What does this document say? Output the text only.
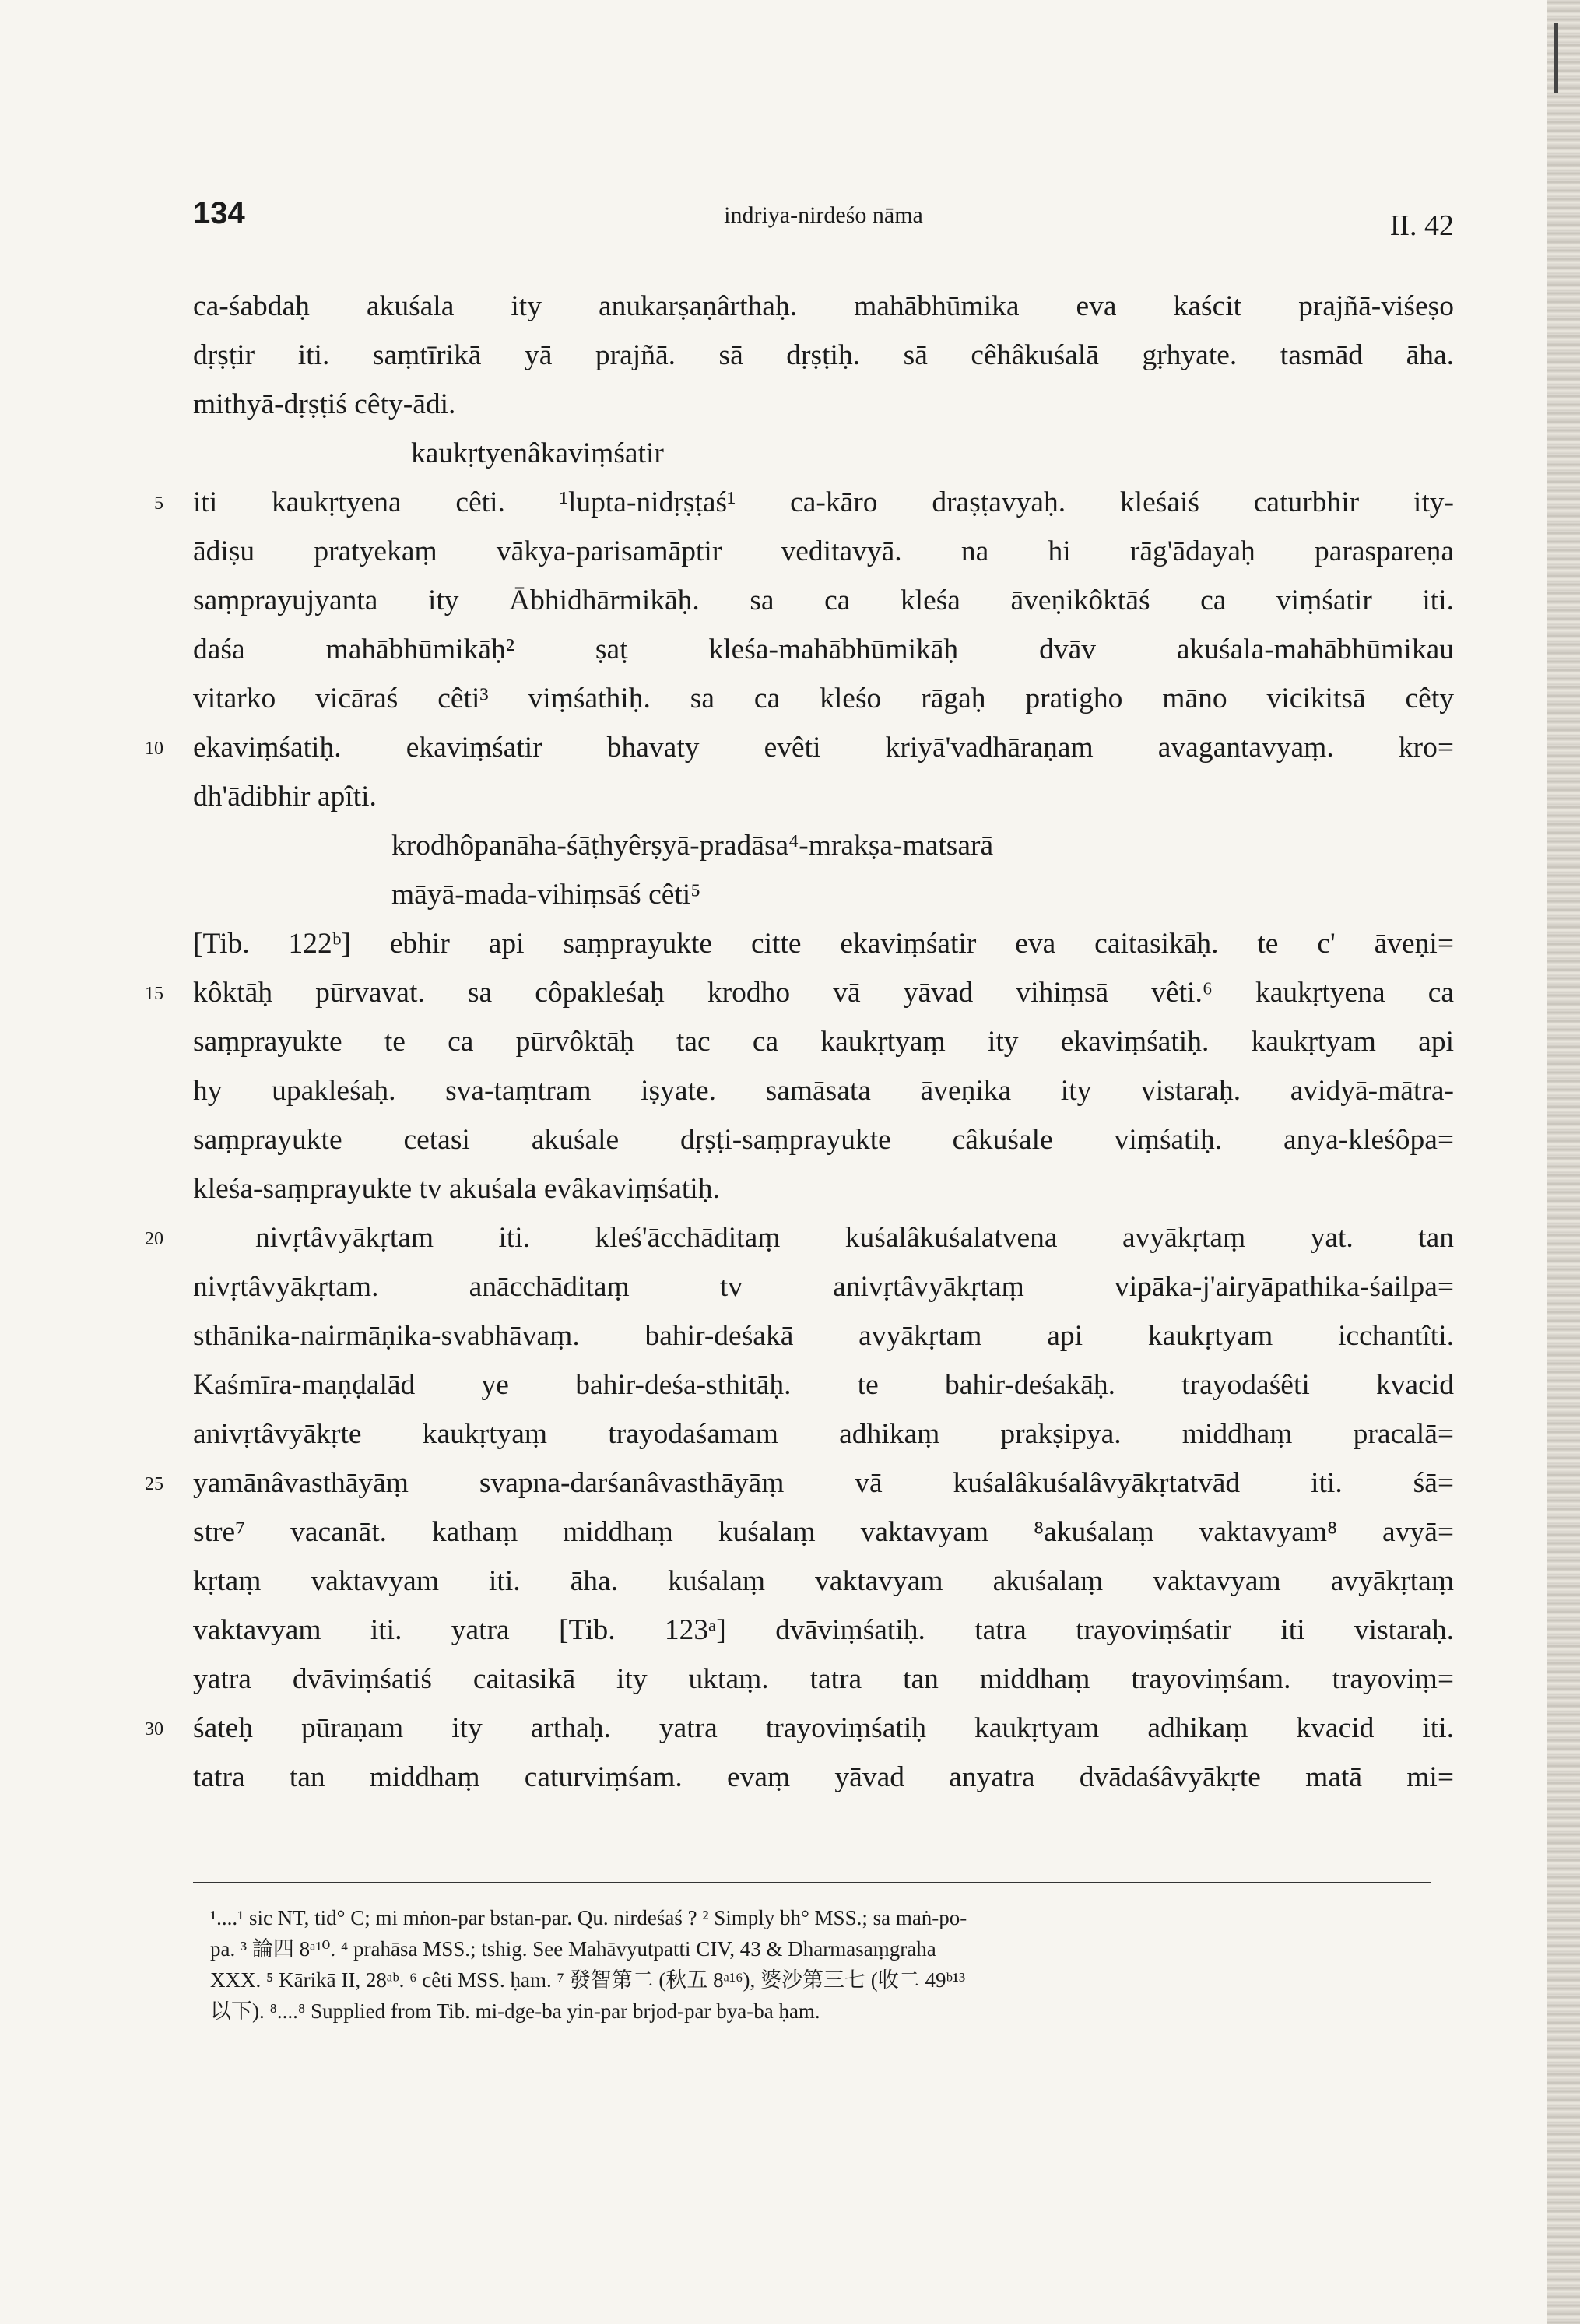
134	indriya-nirdeśo nāma	II. 42
ca-śabdaḥ akuśala ity anukarṣaṇârthaḥ. mahābhūmika eva kaścit prajñā-viśeṣo
dṛṣṭir iti. saṃtīrikā yā prajñā. sā dṛṣṭiḥ. sā cêhâkuśalā gṛhyate. tasmād āha.
mithyā-dṛṣṭiś cêty-ādi.
kaukṛtyenâkaviṃśatir
5 iti kaukṛtyena cêti. ¹lupta-nidṛṣṭaś¹ ca-kāro draṣṭavyaḥ. kleśaiś caturbhir ity-
ādiṣu pratyekaṃ vākya-parisamāptir veditavyā. na hi rāg'ādayaḥ paraspareṇa
saṃprayujyanta ity Ābhidhārmikāḥ. sa ca kleśa āveṇikôktāś ca viṃśatir iti.
daśa mahābhūmikāḥ² ṣaṭ kleśa-mahābhūmikāḥ dvāv akuśala-mahābhūmikau
vitarko vicāraś cêti³ viṃśathiḥ. sa ca kleśo rāgaḥ pratigho māno vicikitsā cêty
10 ekaviṃśatiḥ. ekaviṃśatir bhavaty evêti kriyā'vadhāraṇam avagantavyaṃ. kro=
dh'ādibhir apîti.
krodhôpanāha-śāṭhyêrṣyā-pradāsa⁴-mrakṣa-matsarā
māyā-mada-vihiṃsāś cêti⁵
[Tib. 122ᵇ] ebhir api saṃprayukte citte ekaviṃśatir eva caitasikāḥ. te c' āveṇi=
15 kôktāḥ pūrvavat. sa côpakleśaḥ krodho vā yāvad vihiṃsā vêti.⁶ kaukṛtyena ca
saṃprayukte te ca pūrvôktāḥ tac ca kaukṛtyaṃ ity ekaviṃśatiḥ. kaukṛtyam api
hy upakleśaḥ. sva-taṃtram iṣyate. samāsata āveṇika ity vistaraḥ. avidyā-mātra-
saṃprayukte cetasi akuśale dṛṣṭi-saṃprayukte câkuśale viṃśatiḥ. anya-kleśôpa=
kleśa-saṃprayukte tv akuśala evâkaviṃśatiḥ.
20	nivṛtâvyākṛtam iti. kleś'ācchāditaṃ kuśalâkuśalatvena avyākṛtaṃ yat. tan
nivṛtâvyākṛtam. anācchāditaṃ tv anivṛtâvyākṛtaṃ vipāka-j'airyāpathika-śailpa=
sthānika-nairmāṇika-svabhāvaṃ. bahir-deśakā avyākṛtam api kaukṛtyam icchantîti.
Kaśmīra-maṇḍalād ye bahir-deśa-sthitāḥ. te bahir-deśakāḥ. trayodaśêti kvacid
anivṛtâvyākṛte kaukṛtyaṃ trayodaśamam adhikaṃ prakṣipya. middhaṃ pracalā=
25 yamānâvasthāyāṃ svapna-darśanâvasthāyāṃ vā kuśalâkuśalâvyākṛtatvād iti. śā=
stre⁷ vacanāt. kathaṃ middhaṃ kuśalaṃ vaktavyam ⁸akuśalaṃ vaktavyam⁸ avyā=
kṛtaṃ vaktavyam iti. āha. kuśalaṃ vaktavyam akuśalaṃ vaktavyam avyākṛtaṃ
vaktavyam iti. yatra [Tib. 123ᵃ] dvāviṃśatiḥ. tatra trayoviṃśatir iti vistaraḥ.
yatra dvāviṃśatiś caitasikā ity uktaṃ. tatra tan middhaṃ trayoviṃśam. trayoviṃ=
30 śateḥ pūraṇam ity arthaḥ. yatra trayoviṃśatiḥ kaukṛtyam adhikaṃ kvacid iti.
tatra tan middhaṃ caturviṃśam. evaṃ yāvad anyatra dvādaśâvyākṛte matā mi=
¹....¹ sic NT, tid° C; mi mṅon-par bstan-par. Qu. nirdeśaś ? ² Simply bh° MSS.; sa maṅ-po-
pa. ³ 論四 8ᵃ¹⁰. ⁴ prahāsa MSS.; tshig. See Mahāvyutpatti CIV, 43 & Dharmasaṃgraha
XXX. ⁵ Kārikā II, 28ᵃᵇ. ⁶ cêti MSS. ḥam. ⁷ 發智第二 (秋五 8ᵃ¹⁶), 婆沙第三七 (收二 49ᵇ¹³
以下). ⁸....⁸ Supplied from Tib. mi-dge-ba yin-par brjod-par bya-ba ḥam.
